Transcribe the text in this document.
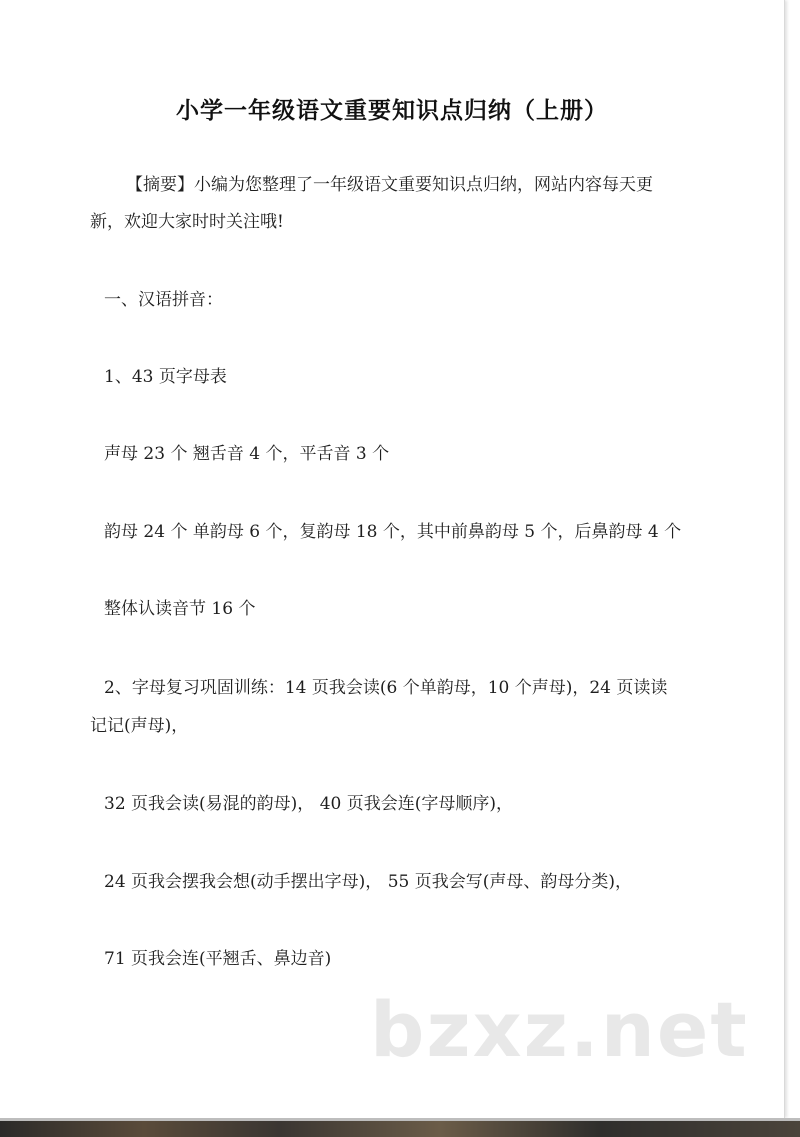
小学一年级语文重要知识点归纳（上册）
【摘要】小编为您整理了一年级语文重要知识点归纳，网站内容每天更
新，欢迎大家时时关注哦!
一、汉语拼音：
1、43 页字母表
声母 23 个 翘舌音 4 个，平舌音 3 个
韵母 24 个 单韵母 6 个，复韵母 18 个，其中前鼻韵母 5 个，后鼻韵母 4 个
整体认读音节 16 个
2、字母复习巩固训练：14 页我会读(6 个单韵母，10 个声母)，24 页读读
记记(声母)，
32 页我会读(易混的韵母)， 40 页我会连(字母顺序)，
24 页我会摆我会想(动手摆出字母)， 55 页我会写(声母、韵母分类)，
71 页我会连(平翘舌、鼻边音)
bzxz.net
